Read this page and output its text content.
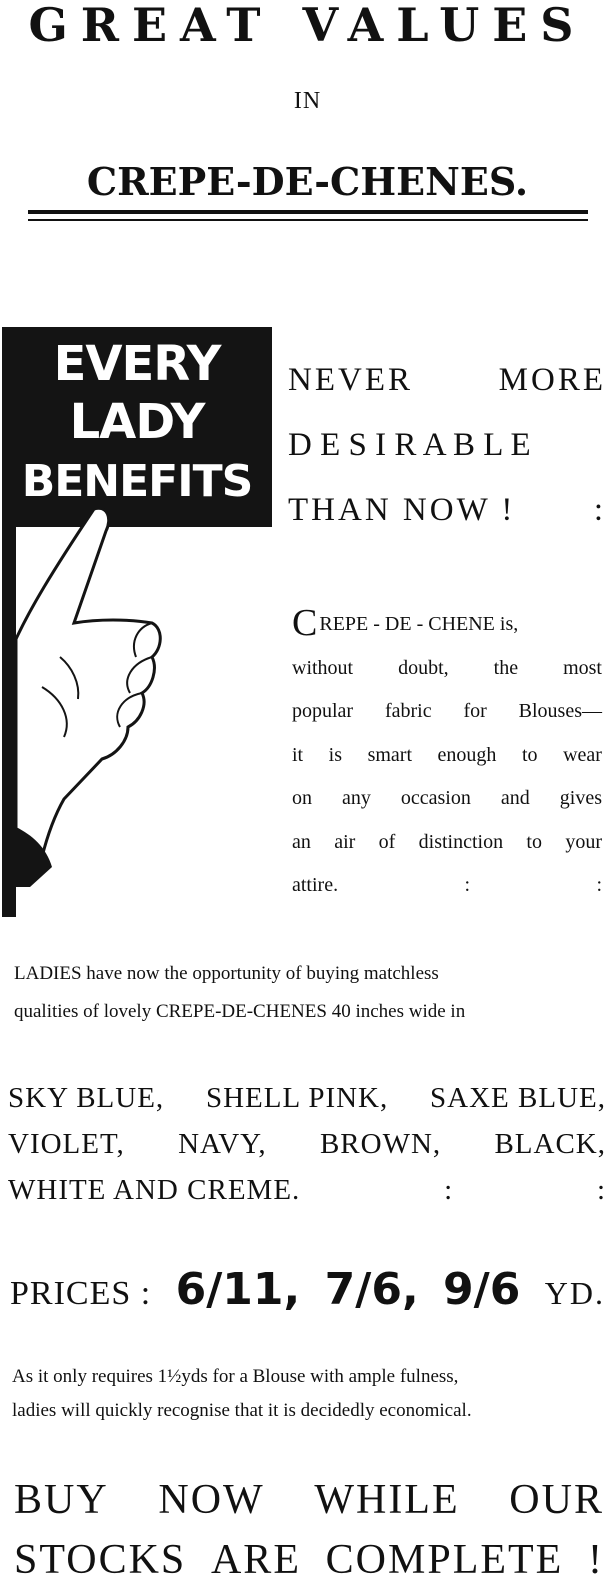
GREAT VALUES
IN
CREPE-DE-CHENES.
EVERY
LADY
BENEFITS
NEVER	MORE
D E S I R A B L E
THAN NOW ! :
CREPE - DE - CHENE is,
without doubt, the most
popular fabric for Blouses—
it is smart enough to wear
on any occasion and gives
an air of distinction to your
attire.	:	:
LADIES have now the opportunity of buying matchless
qualities of lovely CREPE-DE-CHENES 40 inches wide in
SKY BLUE, SHELL PINK, SAXE BLUE,
VIOLET, NAVY, BROWN, BLACK,
WHITE AND CREME.	:	:
PRICES : 6/11, 7/6, 9/6 YD.
As it only requires 1½yds for a Blouse with ample fulness,
ladies will quickly recognise that it is decidedly economical.
BUY NOW WHILE OUR
STOCKS ARE COMPLETE !
